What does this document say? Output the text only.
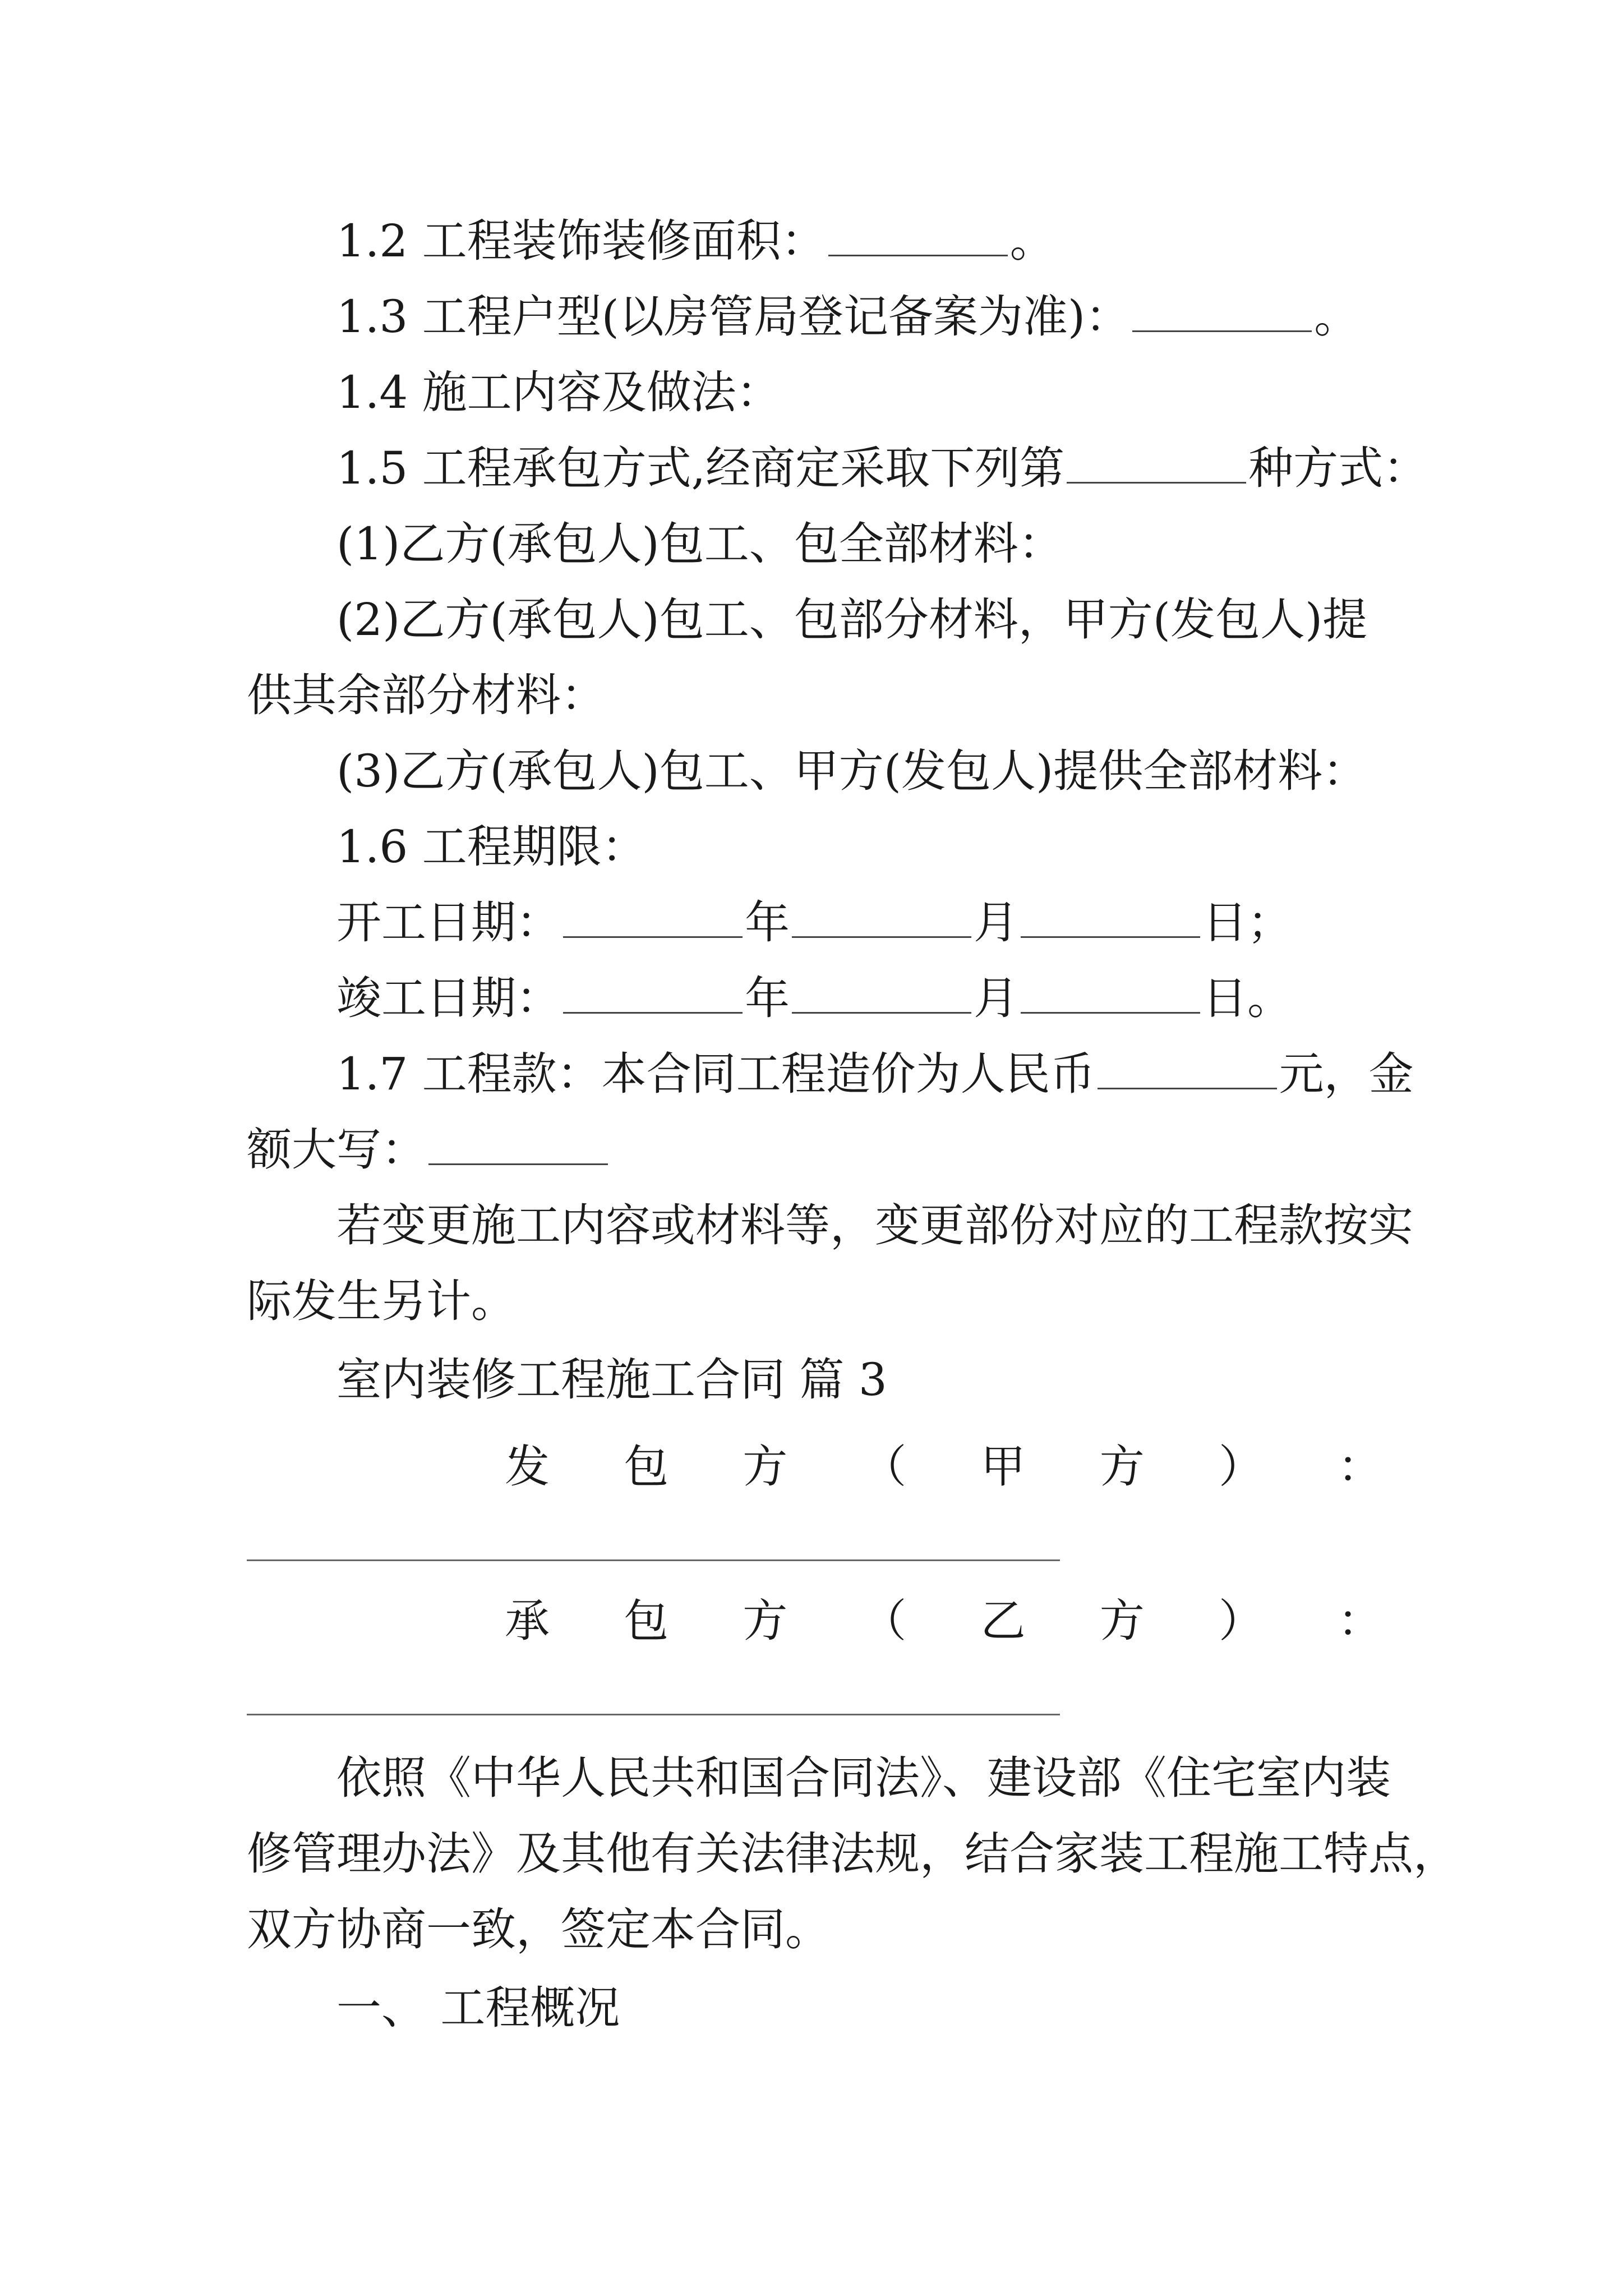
1.2 工程装饰装修面积：	。
1.3 工程户型(以房管局登记备案为准)：	。
1.4 施工内容及做法：
1.5 工程承包方式,经商定采取下列第	种方式：
(1)乙方(承包人)包工、包全部材料：
(2)乙方(承包人)包工、包部分材料，甲方(发包人)提
供其余部分材料：
(3)乙方(承包人)包工、甲方(发包人)提供全部材料：
1.6 工程期限：
开工日期：	年	月	日；
竣工日期：	年	月	日。
1.7 工程款：本合同工程造价为人民币	元，金
额大写：
若变更施工内容或材料等，变更部份对应的工程款按实
际发生另计。
室内装修工程施工合同 篇 3
发 包 方 （ 甲 方 ） ：
承 包 方 （ 乙 方 ） ：
依照《中华人民共和国合同法》、建设部《住宅室内装
修管理办法》及其他有关法律法规，结合家装工程施工特点，
双方协商一致，签定本合同。
一、 工程概况
